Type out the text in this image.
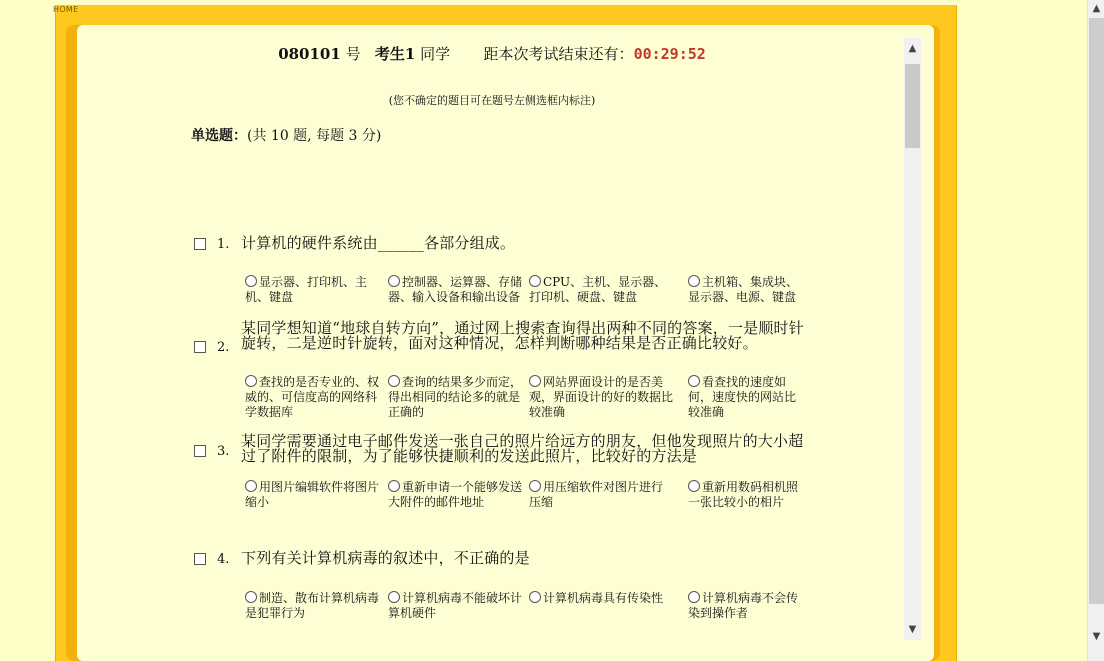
080101 号 考生1 同学 距本次考试结束还有：00:29:52
(您不确定的题目可在题号左侧选框内标注)
单选题：(共 10 题, 每题 3 分)
1. 计算机的硬件系统由______各部分组成。
显示器、打印机、主机、键盘
控制器、运算器、存储器、输入设备和输出设备
CPU、主机、显示器、打印机、硬盘、键盘
主机箱、集成块、显示器、电源、键盘
2.
某同学想知道“地球自转方向”，通过网上搜索查询得出两种不同的答案，一是顺时针旋转，二是逆时针旋转，面对这种情况，怎样判断哪种结果是否正确比较好。
查找的是否专业的、权威的、可信度高的网络科学数据库
查询的结果多少而定，得出相同的结论多的就是正确的
网站界面设计的是否美观，界面设计的好的数据比较准确
看查找的速度如何，速度快的网站比较准确
3.
某同学需要通过电子邮件发送一张自己的照片给远方的朋友，但他发现照片的大小超过了附件的限制，为了能够快捷顺利的发送此照片，比较好的方法是
用图片编辑软件将图片缩小
重新申请一个能够发送大附件的邮件地址
用压缩软件对图片进行压缩
重新用数码相机照一张比较小的相片
4. 下列有关计算机病毒的叙述中，不正确的是
制造、散布计算机病毒是犯罪行为
计算机病毒不能破坏计算机硬件
计算机病毒具有传染性	计算机病毒不会传染到操作者
▲
▼
HOME	▲
▼
